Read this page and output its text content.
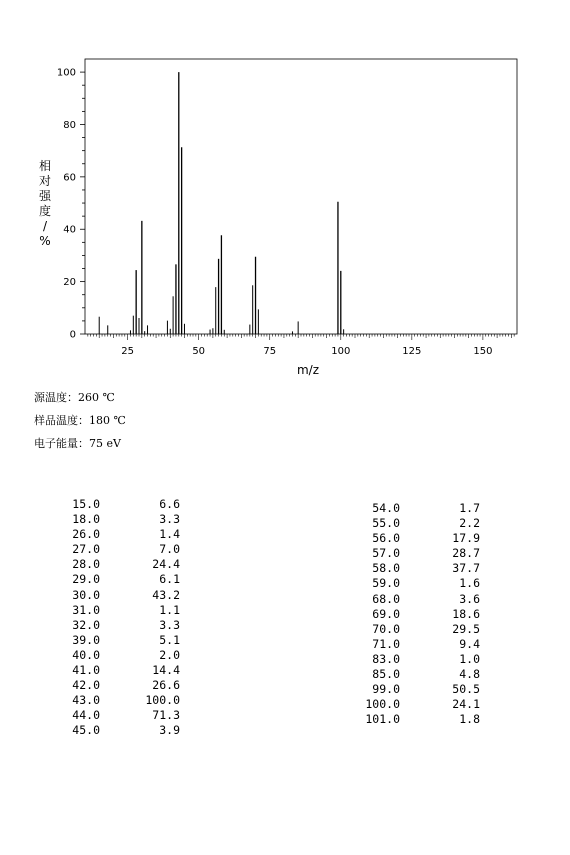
0
20
40
60
80
100
25	50	75	100	125	150
m/z
相对强度/ %
源温度：260 ℃
样品温度：180 ℃
电子能量：75 eV
15.0	6.6
18.0	3.3
26.0	1.4
27.0	7.0
28.0	24.4
29.0	6.1
30.0	43.2
31.0	1.1
32.0	3.3
39.0	5.1
40.0	2.0
41.0	14.4
42.0	26.6
43.0	100.0
44.0	71.3
45.0	3.9
54.0	1.7
55.0	2.2
56.0	17.9
57.0	28.7
58.0	37.7
59.0	1.6
68.0	3.6
69.0	18.6
70.0	29.5
71.0	9.4
83.0	1.0
85.0	4.8
99.0	50.5
100.0	24.1
101.0	1.8
